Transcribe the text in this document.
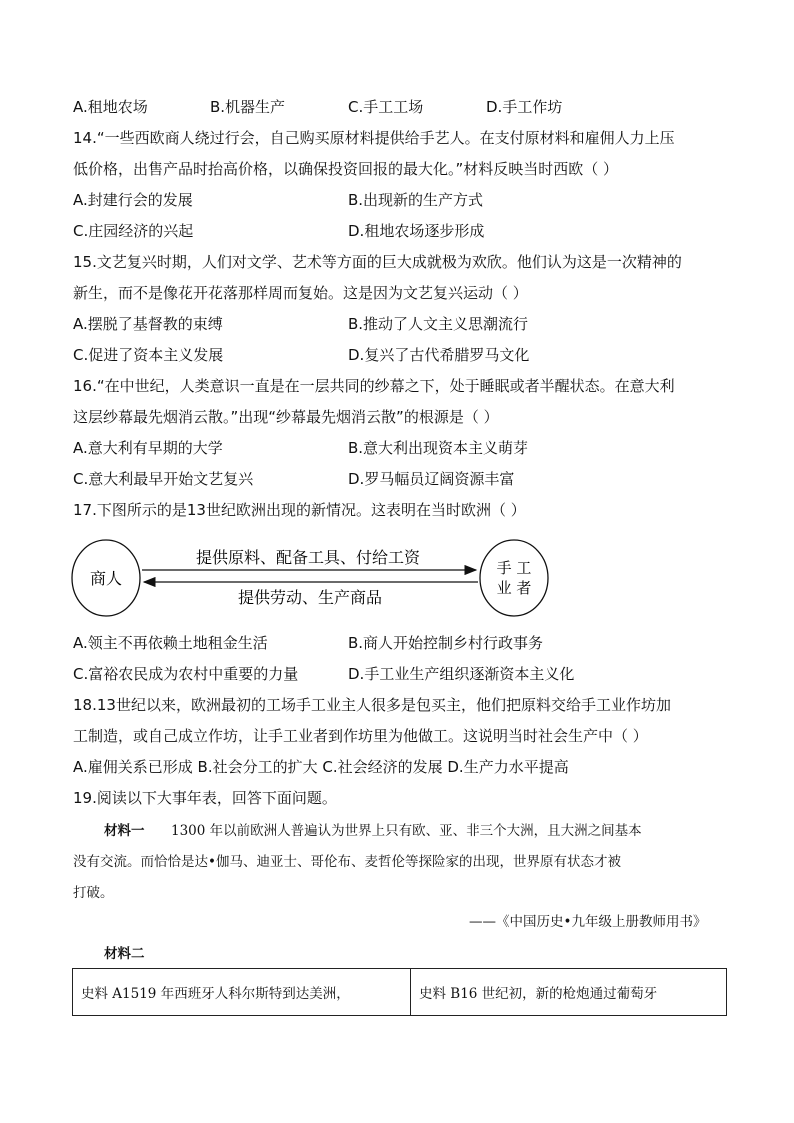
A.租地农场	B.机器生产	C.手工工场	D.手工作坊
14.“一些西欧商人绕过行会，自己购买原材料提供给手艺人。在支付原材料和雇佣人力上压
低价格，出售产品时抬高价格，以确保投资回报的最大化。”材料反映当时西欧（ ）
A.封建行会的发展	B.出现新的生产方式
C.庄园经济的兴起	D.租地农场逐步形成
15.文艺复兴时期，人们对文学、艺术等方面的巨大成就极为欢欣。他们认为这是一次精神的
新生，而不是像花开花落那样周而复始。这是因为文艺复兴运动（ ）
A.摆脱了基督教的束缚	B.推动了人文主义思潮流行
C.促进了资本主义发展	D.复兴了古代希腊罗马文化
16.“在中世纪，人类意识一直是在一层共同的纱幕之下，处于睡眠或者半醒状态。在意大利
这层纱幕最先烟消云散。”出现“纱幕最先烟消云散”的根源是（ ）
A.意大利有早期的大学	B.意大利出现资本主义萌芽
C.意大利最早开始文艺复兴	D.罗马幅员辽阔资源丰富
17.下图所示的是13世纪欧洲出现的新情况。这表明在当时欧洲（ ）
商人
手 工
业 者
提供原料、配备工具、付给工资
提供劳动、生产商品
A.领主不再依赖土地租金生活	B.商人开始控制乡村行政事务
C.富裕农民成为农村中重要的力量	D.手工业生产组织逐渐资本主义化
18.13世纪以来，欧洲最初的工场手工业主人很多是包买主，他们把原料交给手工业作坊加
工制造，或自己成立作坊，让手工业者到作坊里为他做工。这说明当时社会生产中（ ）
A.雇佣关系已形成 B.社会分工的扩大 C.社会经济的发展 D.生产力水平提高
19.阅读以下大事年表，回答下面问题。
材料一 1300 年以前欧洲人普遍认为世界上只有欧、亚、非三个大洲，且大洲之间基本
没有交流。而恰恰是达•伽马、迪亚士、哥伦布、麦哲伦等探险家的出现，世界原有状态才被
打破。
——《中国历史•九年级上册教师用书》
材料二
史料 A1519 年西班牙人科尔斯特到达美洲，	史料 B16 世纪初，新的枪炮通过葡萄牙
